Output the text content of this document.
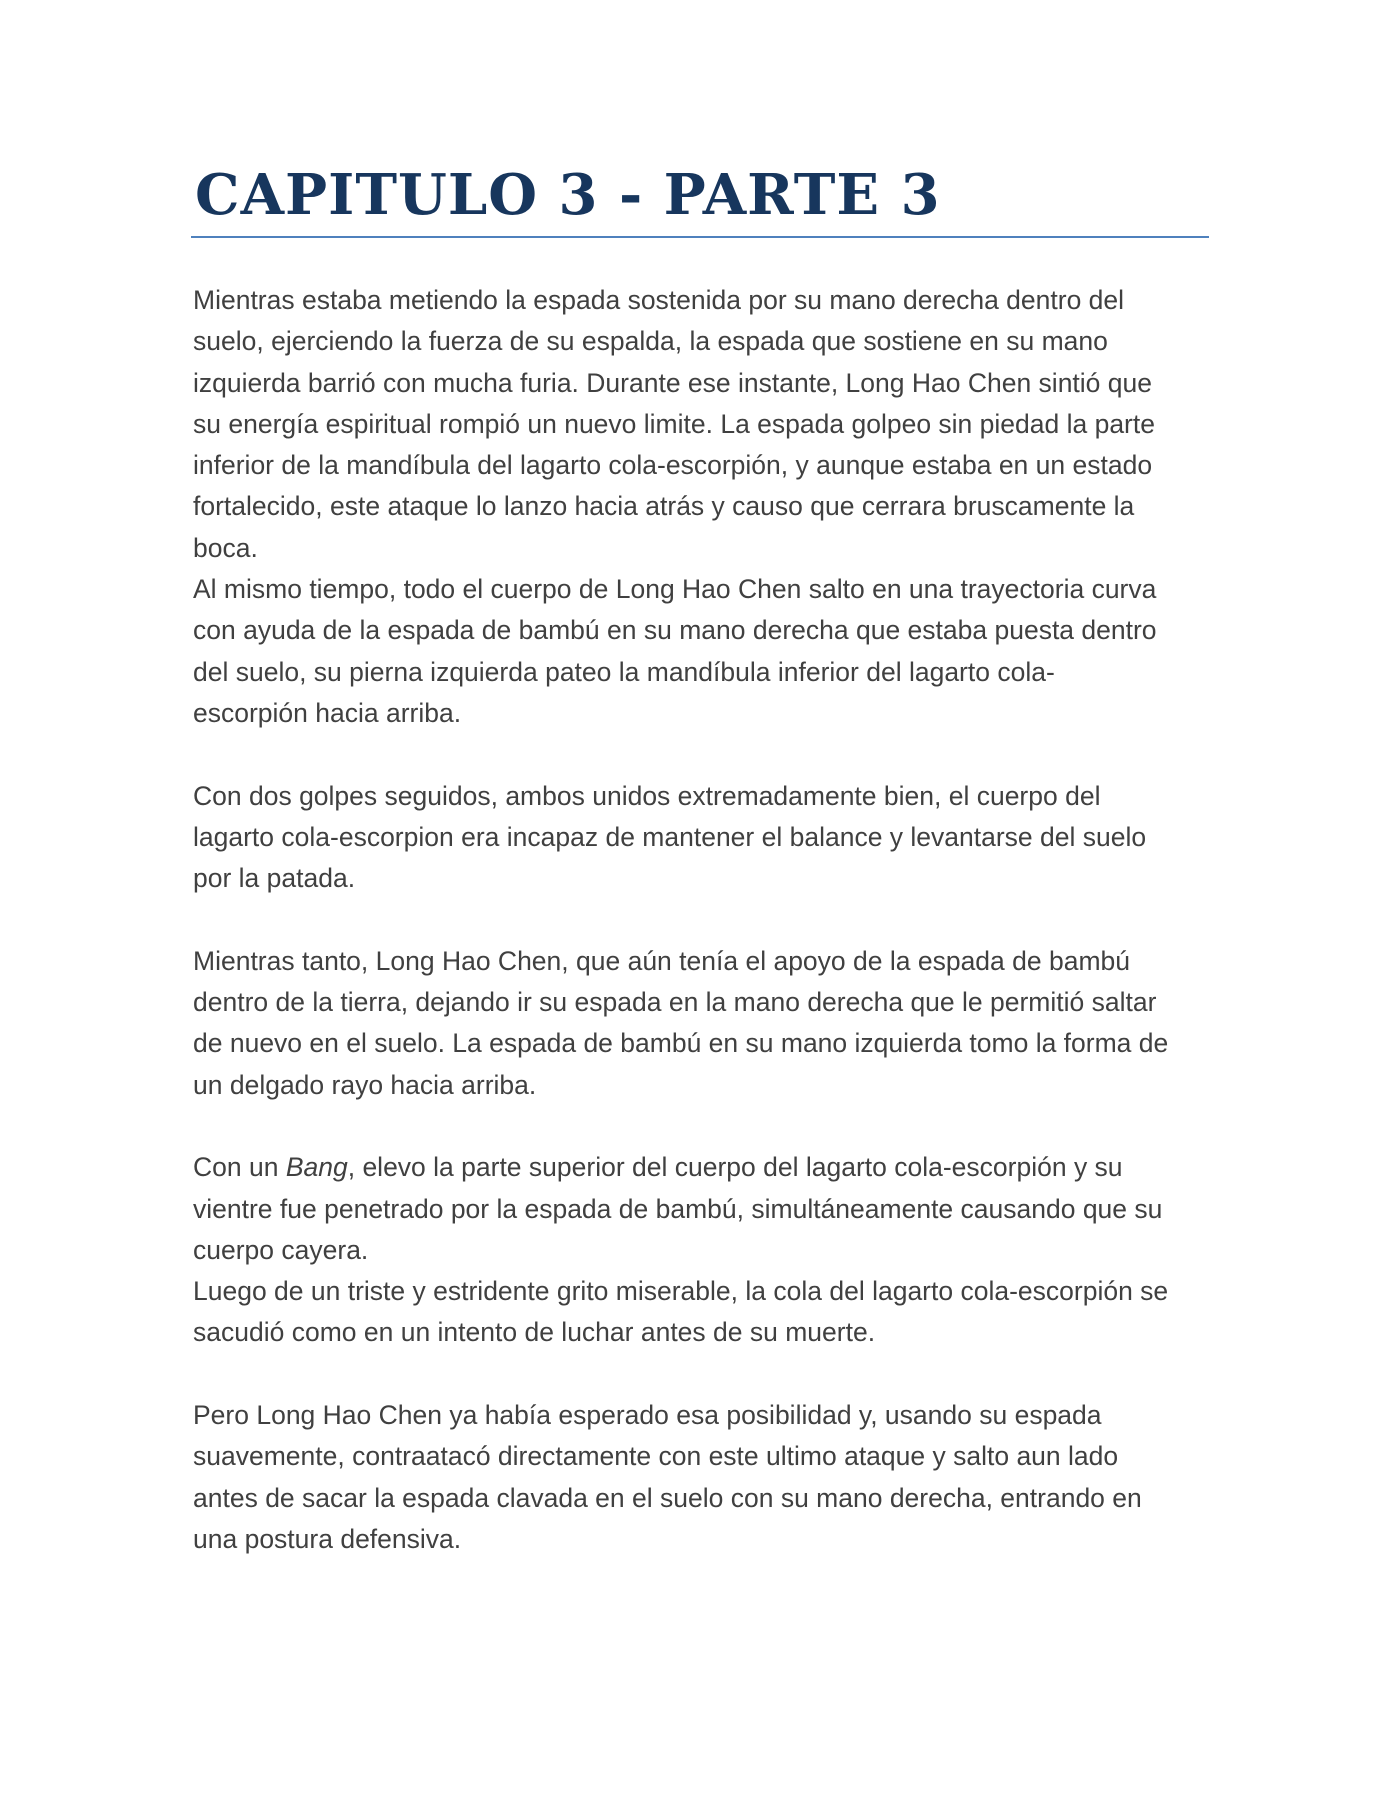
CAPITULO 3 - PARTE 3

Mientras estaba metiendo la espada sostenida por su mano derecha dentro del
suelo, ejerciendo la fuerza de su espalda, la espada que sostiene en su mano
izquierda barrió con mucha furia. Durante ese instante, Long Hao Chen sintió que
su energía espiritual rompió un nuevo limite. La espada golpeo sin piedad la parte
inferior de la mandíbula del lagarto cola-escorpión, y aunque estaba en un estado
fortalecido, este ataque lo lanzo hacia atrás y causo que cerrara bruscamente la
boca.

Al mismo tiempo, todo el cuerpo de Long Hao Chen salto en una trayectoria curva
con ayuda de la espada de bambú en su mano derecha que estaba puesta dentro
del suelo, su pierna izquierda pateo la mandíbula inferior del lagarto cola-
escorpión hacia arriba.

Con dos golpes seguidos, ambos unidos extremadamente bien, el cuerpo del
lagarto cola-escorpion era incapaz de mantener el balance y levantarse del suelo
por la patada.

Mientras tanto, Long Hao Chen, que aún tenía el apoyo de la espada de bambú
dentro de la tierra, dejando ir su espada en la mano derecha que le permitió saltar
de nuevo en el suelo. La espada de bambú en su mano izquierda tomo la forma de
un delgado rayo hacia arriba.

Con un Bang, elevo la parte superior del cuerpo del lagarto cola-escorpión y su
vientre fue penetrado por la espada de bambú, simultáneamente causando que su
cuerpo cayera.

Luego de un triste y estridente grito miserable, la cola del lagarto cola-escorpión se
sacudió como en un intento de luchar antes de su muerte.

Pero Long Hao Chen ya había esperado esa posibilidad y, usando su espada
suavemente, contraatacó directamente con este ultimo ataque y salto aun lado
antes de sacar la espada clavada en el suelo con su mano derecha, entrando en
una postura defensiva.
